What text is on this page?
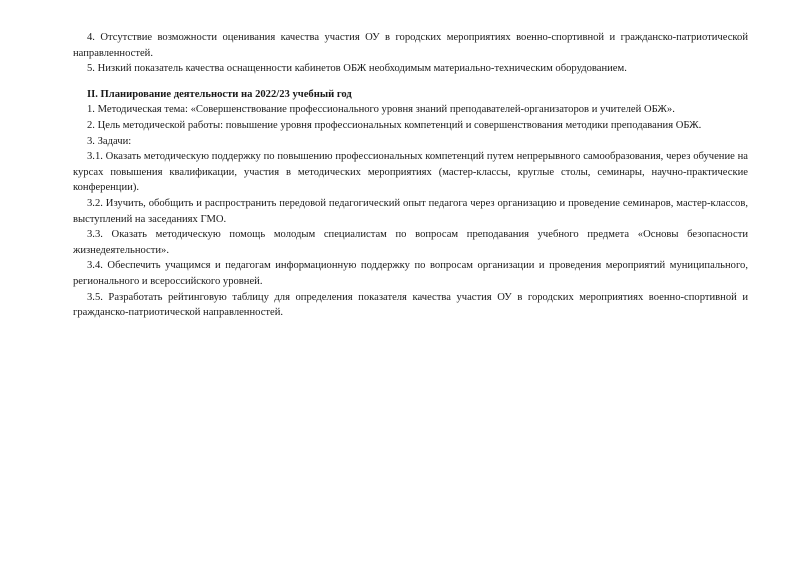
4. Отсутствие возможности оценивания качества участия ОУ в городских мероприятиях военно-спортивной и гражданско-патриотической направленностей.

5. Низкий показатель качества оснащенности кабинетов ОБЖ необходимым материально-техническим оборудованием.

II. Планирование деятельности на 2022/23 учебный год

1. Методическая тема: «Совершенствование профессионального уровня знаний преподавателей-организаторов и учителей ОБЖ».

2. Цель методической работы: повышение уровня профессиональных компетенций и совершенствования методики преподавания ОБЖ.

3. Задачи:

3.1. Оказать методическую поддержку по повышению профессиональных компетенций путем непрерывного самообразования, через обучение на курсах повышения квалификации, участия в методических мероприятиях (мастер-классы, круглые столы, семинары, научно-практические конференции).

3.2. Изучить, обобщить и распространить передовой педагогический опыт педагога через организацию и проведение семинаров, мастер-классов, выступлений на заседаниях ГМО.

3.3. Оказать методическую помощь молодым специалистам по вопросам преподавания учебного предмета «Основы безопасности жизнедеятельности».

3.4. Обеспечить учащимся и педагогам информационную поддержку по вопросам организации и проведения мероприятий муниципального, регионального и всероссийского уровней.

3.5. Разработать рейтинговую таблицу для определения показателя качества участия ОУ в городских мероприятиях военно-спортивной и гражданско-патриотической направленностей.
